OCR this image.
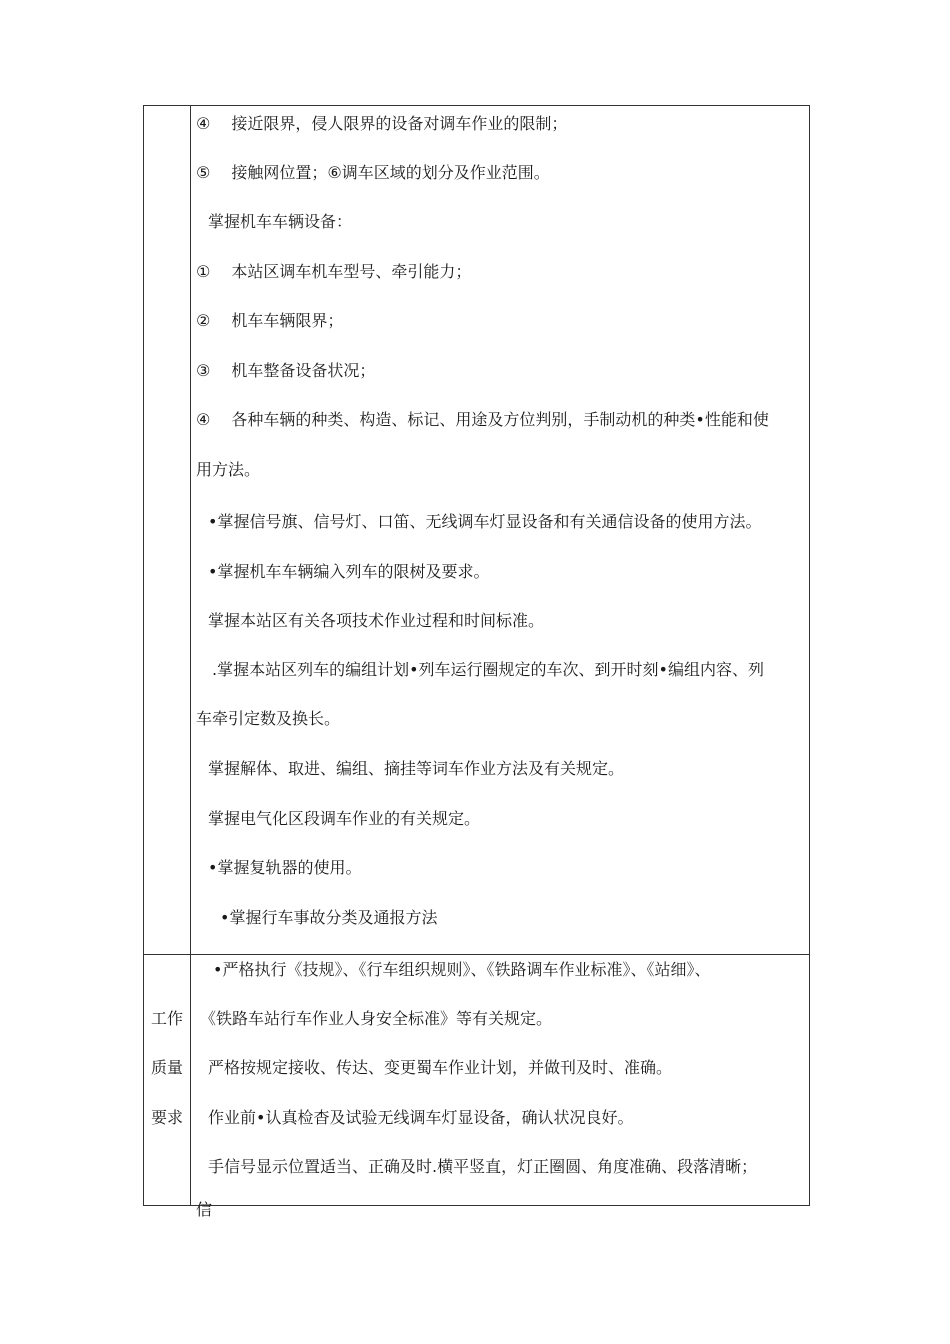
④　 接近限界，侵人限界的设备对调车作业的限制；
⑤　 接触网位置；⑥调车区域的划分及作业范围。
掌握机车车辆设备：
①　 本站区调车机车型号、牵引能力；
②　 机车车辆限界；
③　 机车整备设备状况；
④　 各种车辆的种类、构造、标记、用途及方位判别，手制动机的种类•性能和使
用方法。
•掌握信号旗、信号灯、口笛、无线调车灯显设备和有关通信设备的使用方法。
•掌握机车车辆编入列车的限树及要求。
掌握本站区有关各项技术作业过程和时间标准。
.掌握本站区列车的编组计划•列车运行圈规定的车次、到开时刻•编组内容、列
车牵引定数及换长。
掌握解体、取进、编组、摘挂等词车作业方法及有关规定。
掌握电气化区段调车作业的有关规定。
•掌握复轨器的使用。
•掌握行车事故分类及通报方法
工作
质量
要求
•严格执行《技规》、《行车组织规则》、《铁路调车作业标准》、《站细》、
《铁路车站行车作业人身安全标准》等有关规定。
严格按规定接收、传达、变更蜀车作业计划，并做刊及时、准确。
作业前•认真检杳及试验无线调车灯显设备，确认状况良好。
手信号显示位置适当、正确及时.横平竖直，灯正圈圆、角度准确、段落清晰；
信
